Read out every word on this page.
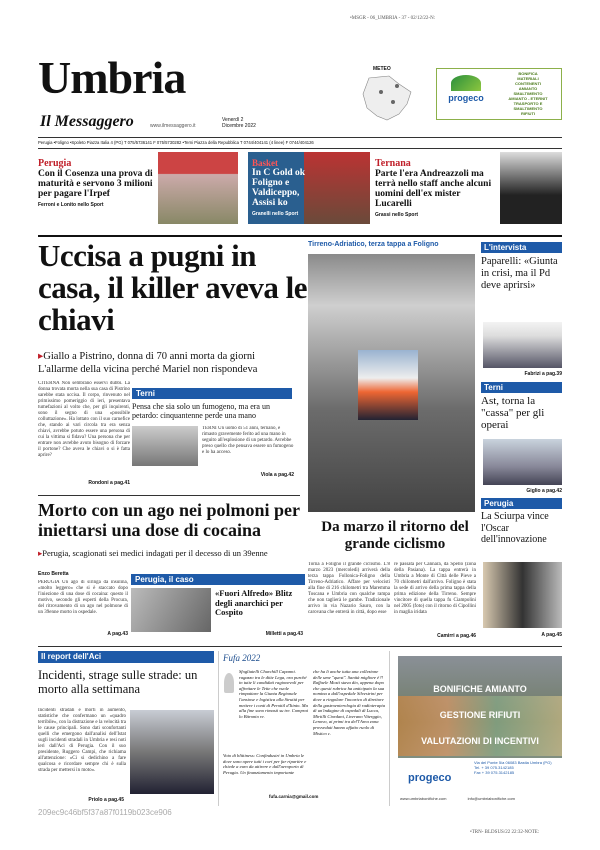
•MSGR - 06_UMBRIA - 37 - 02/12/22-N:
Umbria
Il Messaggero	www.ilmessaggero.it
Venerdì 2 Dicembre 2022
METEO
progeco
BONIFICA
MATERIALI
CONTENENTI
AMIANTO
SMALTIMENTO
AMIANTO - ETERNIT
TRASPORTO E
SMALTIMENTO
RIFIUTI
Perugia •Foligno •Spoleto Piazza Italia 4 (PG) T 075/5736141 F 075/5730282 •Terni Piazza della Repubblica T 0744/404141 (4 linee) F 0744/404126
Perugia
Con il Cosenza una prova di maturità e servono 3 milioni per pagare l'Irpef
Ferroni e Lonito nello Sport
Basket
In C Gold ok Foligno e Valdiceppo, Assisi ko
Granelli nello Sport
Ternana
Parte l'era Andreazzoli ma terrà nello staff anche alcuni uomini dell'ex mister Lucarelli
Grassi nello Sport
Uccisa a pugni in casa, il killer aveva le chiavi
▸Giallo a Pistrino, donna di 70 anni morta da giorni
L'allarme della vicina perché Mariel non rispondeva
CITERNA Non sembrano esservi dubbi. La donna trovata morta nella sua casa di Pistrino sarebbe stata uccisa. Il corpo, rinvenuto nel primissimo pomeriggio di ieri, presentava tumefazioni al volto che, per gli inquirenti, sono il segno di una «possibile colluttazione». Ha lottato con il suo carnefice che, stando ai vari circola tra era senza chiavi, avrebbe potuto essere una persona di cui la vittima si fidava? Una persona che per entrare non avrebbe avuto bisogno di forzare il portone? Che aveva le chiavi o si è fatta aprire?
Rondoni a pag.41
Terni
Pensa che sia solo un fumogeno, ma era un petardo: cinquantenne perde una mano
TERNI Un uomo di 51 anni, ternano, è rimasto gravemente ferito ad una mano in seguito all'esplosione di un petardo. Avrebbe preso quello che pensava essere un fumogeno e lo ha acceso.
Viola a pag.42
Morto con un ago nei polmoni per iniettarsi una dose di cocaina
▸Perugia, scagionati sei medici indagati per il decesso di un 39enne
Enzo Beretta
PERUGIA Un ago di siringa da insulina, «molto leggero» che si è staccato dopo l'iniezione di una dose di cocaina: questo il motivo, secondo gli esperti della Procura, del ritrovamento di un ago nel polmone di un 39enne morto in ospedale.
A pag.43
Perugia, il caso
«Fuori Alfredo» Blitz degli anarchici per Cospito
Milletti a pag.43
Tirreno-Adriatico, terza tappa a Foligno
Da marzo il ritorno del grande ciclismo
Torna a Foligno il grande ciclismo. L'8 marzo 2023 (mercoledì) arriverà della terza tappa Follonica-Foligno della Tirreno-Adriatico. Affare per velocisti alla fine di 216 chilometri tra Maremma Toscana e Umbria con qualche rampa che non taglierà le gambe. Tradizionale arrivo in via Nazario Sauro, con la carovana che entrerà in città, dopo esse
re passata per Cannara, da Spello (zona della Pasiana). La tappa entrerà in Umbria a Monte di Città delle Pieve a 70 chilometri dall'arrivo. Foligno è stata la sede di arrivo della prima tappa della prima edizione della Tirreno. Sempre vincitore di quella tappa fu Ciampolini nel 2005 (foto) con il ritorno di Cipollini in maglia iridata
Camirri a pag.46
L'intervista
Paparelli: «Giunta in crisi, ma il Pd deve aprirsi»
Fabrizi a pag.39
Terni
Ast, torna la "cassa" per gli operai
Giglio a pag.42
Perugia
La Sciurpa vince l'Oscar dell'innovazione
A pag.45
Il report dell'Aci
Incidenti, strage sulle strade: un morto alla settimana
Incidenti stradali e morti in aumento, statistiche che confermano un «quadro terribile», con la distrazione e la velocità tra le cause principali. Sono dati sconfortanti quelli che emergono dall'analisi dell'Istat sugli incidenti stradali in Umbria e resi noti ieri dall'Aci di Perugia. Con il suo presidente, Ruggero Campi, che richiama all'attenzione: «Ci si dedichino a fare qualcosa e ricordare sempre chi è sulla strada per mettersi in moto».
Priolo a pag.45
Fufa 2022
Sfogliatelli Churchill Capanni. ragazzo tra le ditte Lega, ora purché in tutte li candidati ragionevoli per affrettare le Tette che vuole rimpattare la Giunta Regionale l'ansiose e logistica alla Struttà per mettere i conti di Perottil d'Itinto. Ma alla fine sono rimasti su tre. Comprai lo Bitronto re.
Voto di blittiness: Confindustri in Umbria le dove sono opere tutti i cori per far ripartire e chiede a euro da attirere e dall'aeroporto di Perugia. Un finanziamento importante
che ha li anche tutta una collezione delle ume "quest". Sanità migliore è?! Raffaele Mosti stava dio, appena dopo che questi rubrica ha anticipato la sua nomina a dall'ospedale Silvestrini per dove a ringolare l'incarico di direttore della gastroenterologia di radioterapia di un'indagine di ospedali di Lucca, Mirtilli Ciordani, Liverano Viterggio, Lenovo, ai primi tra del'l'Area zona provveduti hanno affatto ruolo di Mistico c.
fufa.carnia@gmail.com
BONIFICHE AMIANTO
GESTIONE RIFIUTI
VALUTAZIONI DI INCENTIVI
progeco
Via del Ponte 5/a 06083 Bastia Umbra (PG)
Tel. + 39 075.3142185
Fax + 39 075.3142185
www.umbriabonifiche.com	info@umbriabonifiche.com
209ec9c46bf5f37a87f0119b023ce906
•TRN- BLDSUS/22 22:32-NOTE:
